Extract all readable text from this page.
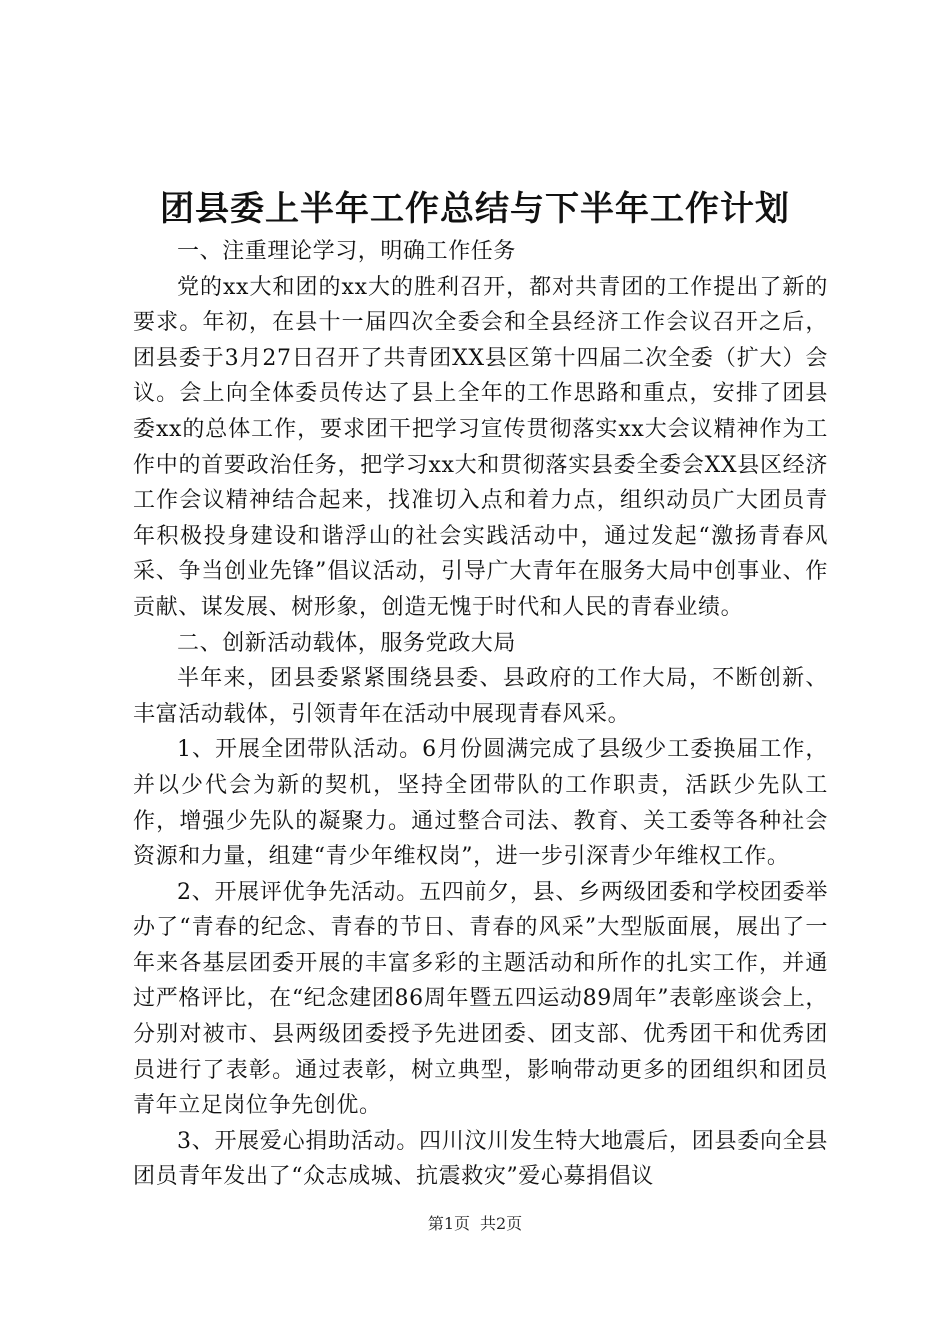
团县委上半年工作总结与下半年工作计划

一、注重理论学习，明确工作任务

党的xx大和团的xx大的胜利召开，都对共青团的工作提出了新的要求。年初，在县十一届四次全委会和全县经济工作会议召开之后，团县委于3月27日召开了共青团XX县区第十四届二次全委（扩大）会议。会上向全体委员传达了县上全年的工作思路和重点，安排了团县委xx的总体工作，要求团干把学习宣传贯彻落实xx大会议精神作为工作中的首要政治任务，把学习xx大和贯彻落实县委全委会XX县区经济工作会议精神结合起来，找准切入点和着力点，组织动员广大团员青年积极投身建设和谐浮山的社会实践活动中，通过发起“激扬青春风采、争当创业先锋”倡议活动，引导广大青年在服务大局中创事业、作贡献、谋发展、树形象，创造无愧于时代和人民的青春业绩。

二、创新活动载体，服务党政大局

半年来，团县委紧紧围绕县委、县政府的工作大局，不断创新、丰富活动载体，引领青年在活动中展现青春风采。

1、开展全团带队活动。6月份圆满完成了县级少工委换届工作，并以少代会为新的契机，坚持全团带队的工作职责，活跃少先队工作，增强少先队的凝聚力。通过整合司法、教育、关工委等各种社会资源和力量，组建“青少年维权岗”，进一步引深青少年维权工作。

2、开展评优争先活动。五四前夕，县、乡两级团委和学校团委举办了“青春的纪念、青春的节日、青春的风采”大型版面展，展出了一年来各基层团委开展的丰富多彩的主题活动和所作的扎实工作，并通过严格评比，在“纪念建团86周年暨五四运动89周年”表彰座谈会上，分别对被市、县两级团委授予先进团委、团支部、优秀团干和优秀团员进行了表彰。通过表彰，树立典型，影响带动更多的团组织和团员青年立足岗位争先创优。

3、开展爱心捐助活动。四川汶川发生特大地震后，团县委向全县团员青年发出了“众志成城、抗震救灾”爱心募捐倡议

第1页 共2页
